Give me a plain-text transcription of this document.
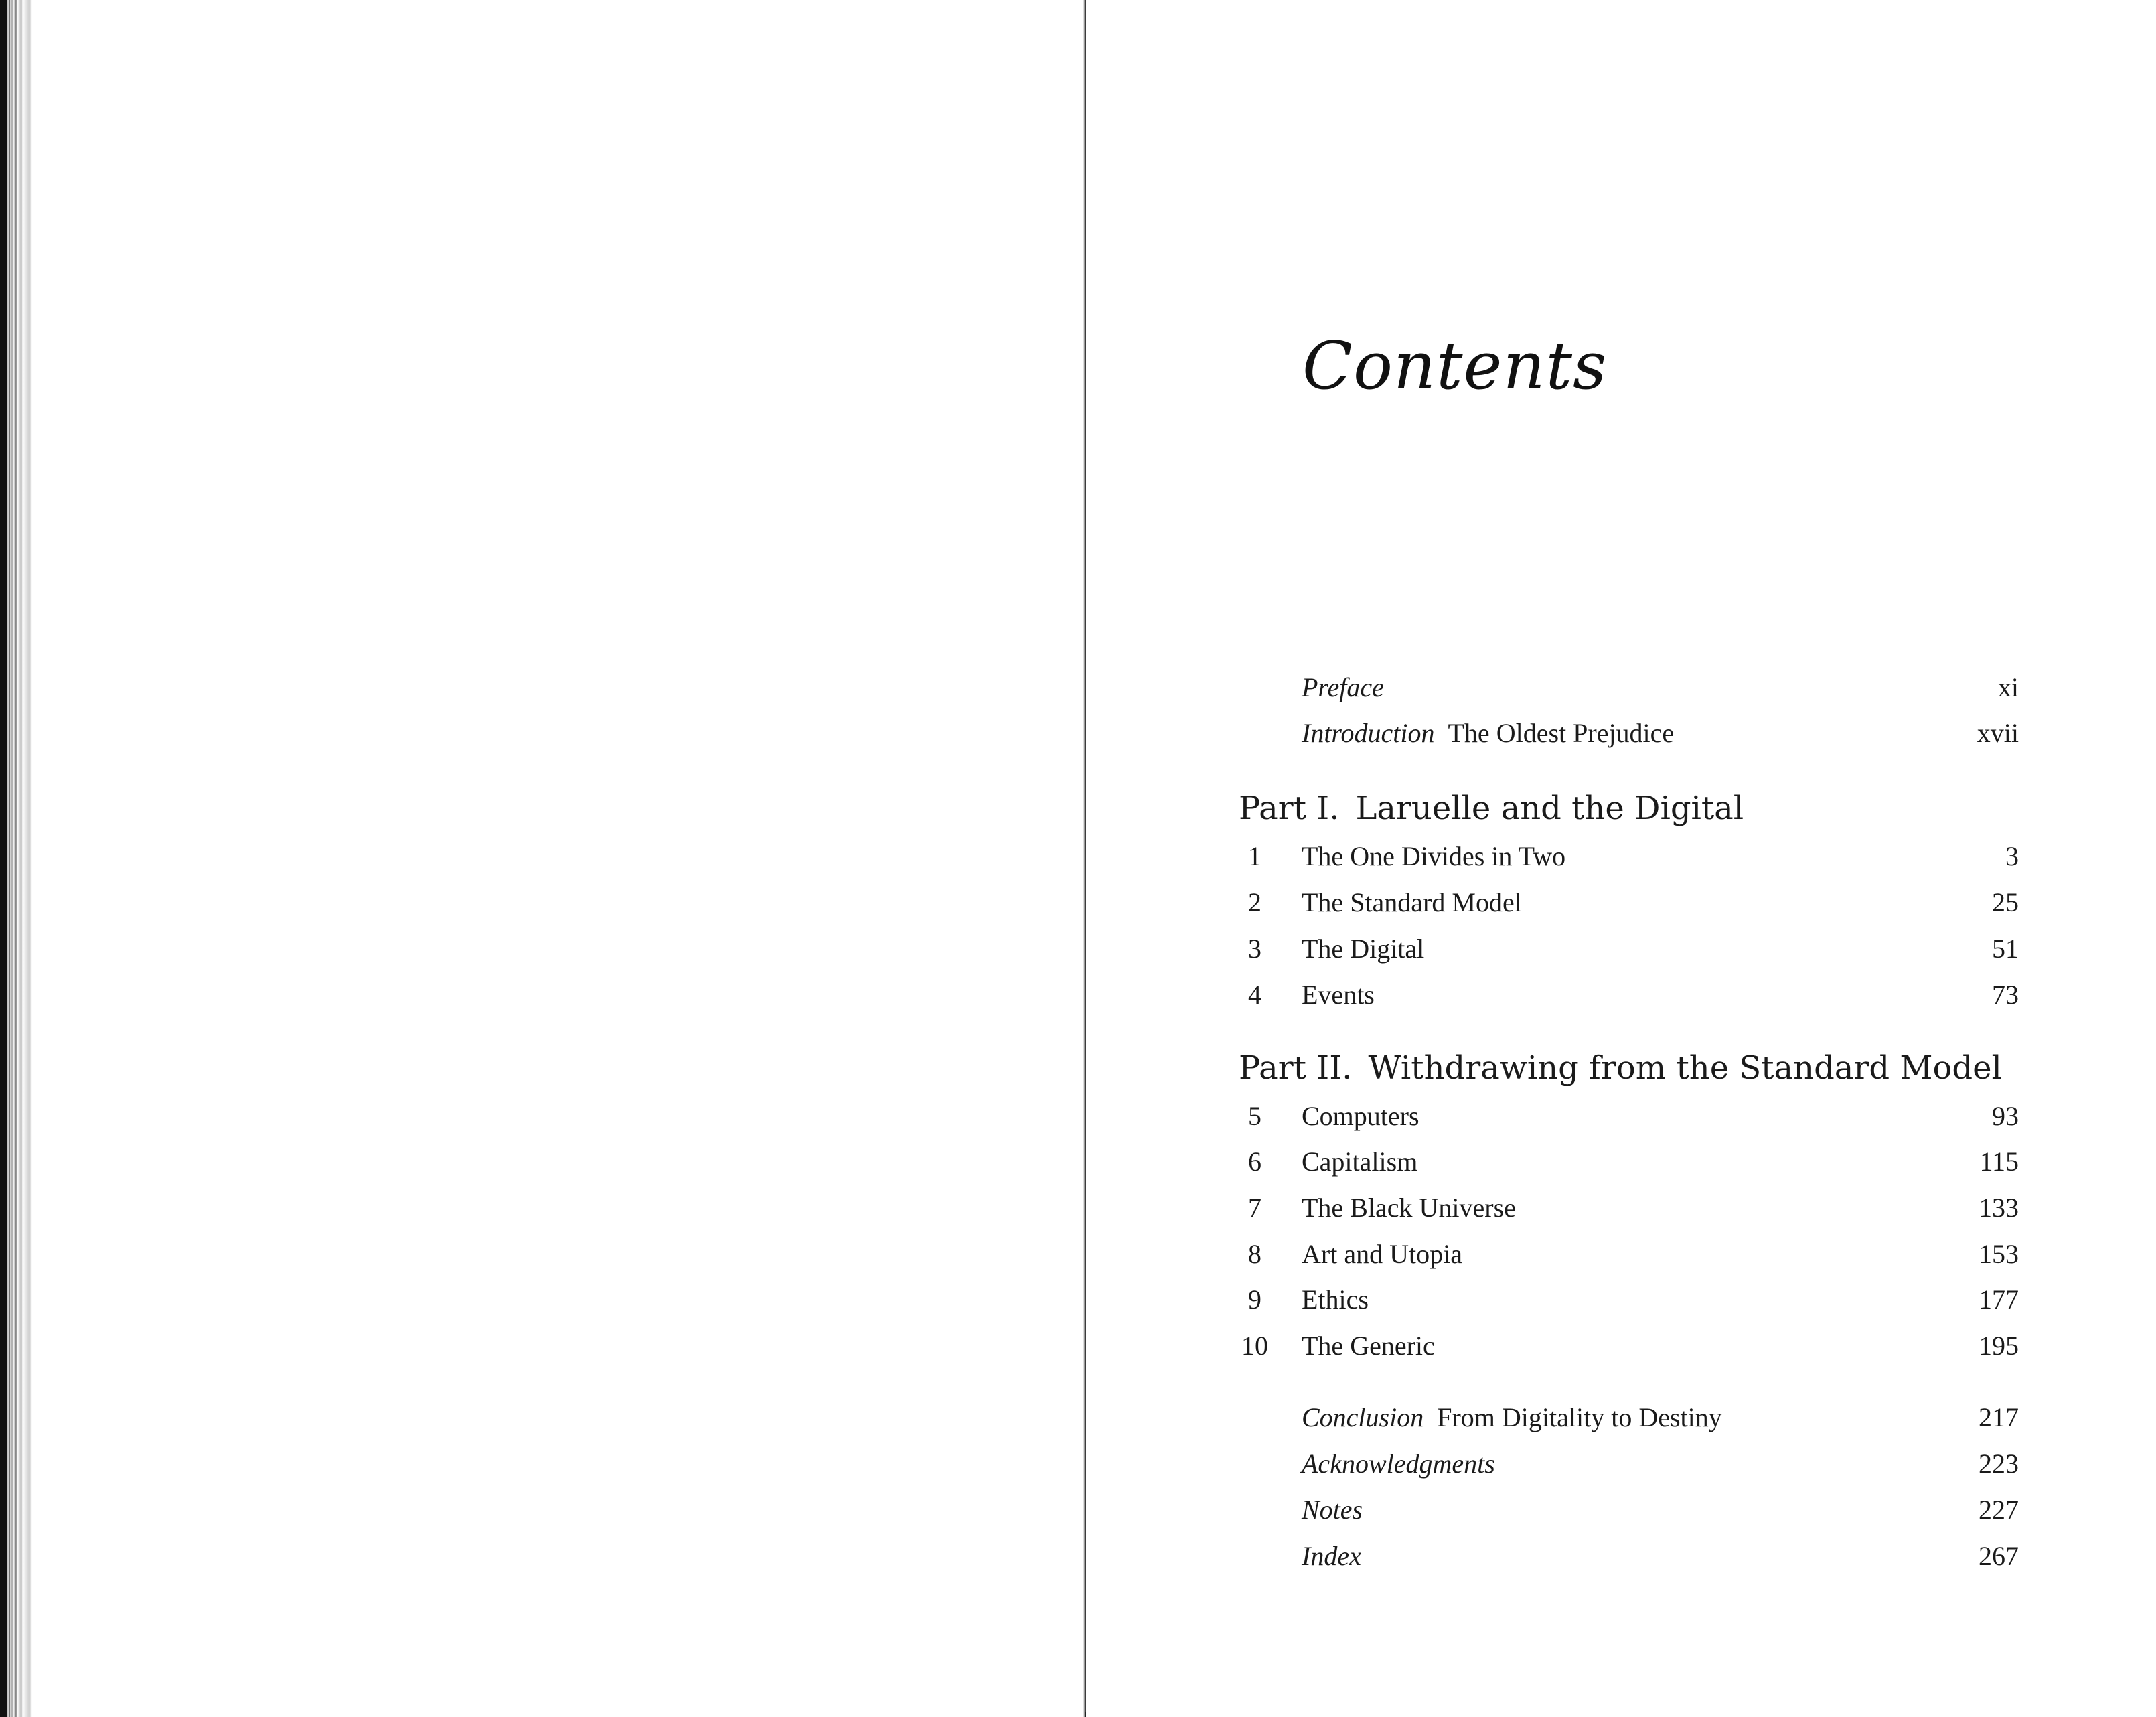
Contents
Preface	xi
Introduction The Oldest Prejudice	xvii
Part I. Laruelle and the Digital
1	The One Divides in Two	3
2	The Standard Model	25
3	The Digital	51
4	Events	73
Part II. Withdrawing from the Standard Model
5	Computers	93
6	Capitalism	115
7	The Black Universe	133
8	Art and Utopia	153
9	Ethics	177
10 The Generic	195
Conclusion From Digitality to Destiny	217
Acknowledgments	223
Notes	227
Index	267
